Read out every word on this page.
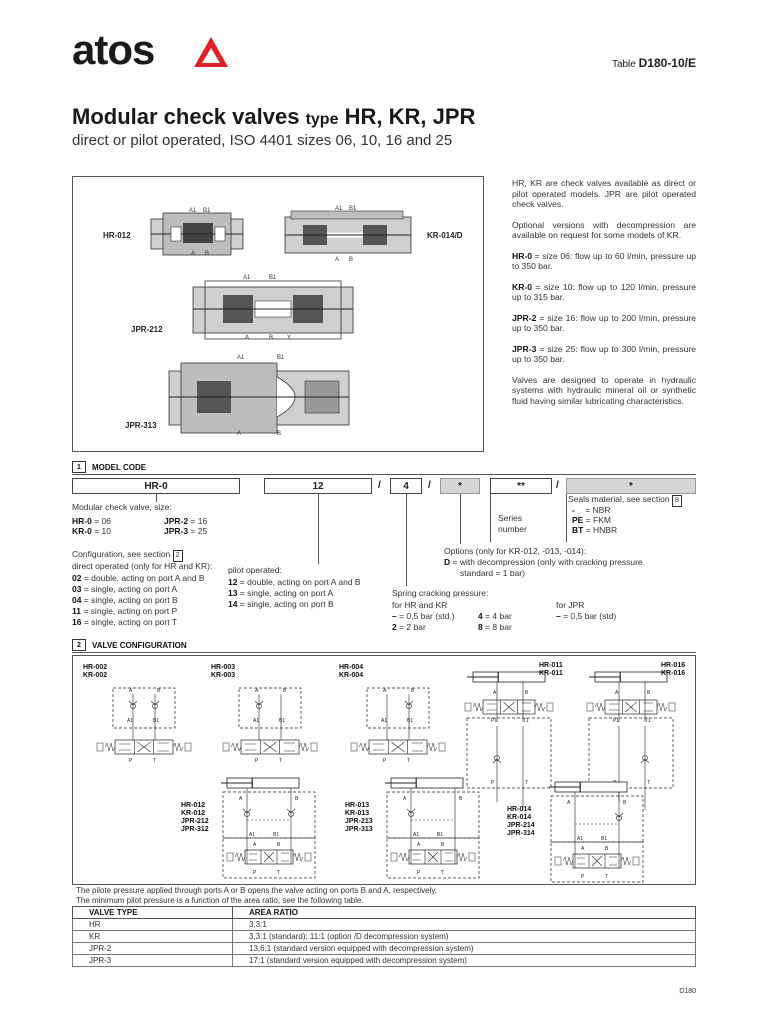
atos	Table D180-10/E
Modular check valves type HR, KR, JPR
direct or pilot operated, ISO 4401 sizes 06, 10, 16 and 25
HR-012	KR-014/D
JPR-212
JPR-313
A1 B1
A B
A1 B1
A B
A1	B1
A	B Y
A1	B1
A	B

HR, KR are check valves available as direct or pilot operated models. JPR are pilot operated check valves.

Optional versions with decompression are available on request for some models of KR.

HR-0 = size 06: flow up to 60 l/min, pressure up to 350 bar.

KR-0 = size 10: flow up to 120 l/min, pressure up to 315 bar.

JPR-2 = size 16: flow up to 200 l/min, pressure up to 350 bar.

JPR-3 = size 25: flow up to 300 l/min, pressure up to 350 bar.

Valves are designed to operate in hydraulic systems with hydraulic mineral oil or synthetic fluid having similar lubricating characteristics.

1	MODEL CODE
HR-0	12	/	4	/	*	**	/	*
Modular check valve, size:
HR-0 = 06	JPR-2 = 16
KR-0 = 10	JPR-3 = 25
Configuration, see section 2
direct operated (only for HR and KR):
02 = double, acting on port A and B
03 = single, acting on port A
04 = single, acting on port B
11 = single, acting on port P
16 = single, acting on port T
pilot operated:
12 = double, acting on port A and B
13 = single, acting on port A
14 = single, acting on port B
Series
number
Seals material, see section 8
- = NBR
PE = FKM
BT = HNBR
Options (only for KR-012, -013, -014):
D = with decompression (only with cracking pressure
standard = 1 bar)
Spring cracking pressure:
for HR and KR	for JPR
– = 0,5 bar (std.)	4 = 4 bar	– = 0,5 bar (std)
2 = 2 bar	8 = 8 bar
2	VALVE CONFIGURATION
A	B
A1	B1
P	T
A	B
A1	B1
P	T
A	B
A1	B1
P	T
A	B
P1	T1
P	T
A	B
P1	T1
T
A	B
A1	B1
A	B
P	T
A	B
A1	B1
A	B
P	T
A	B
A1	B1
A	B
P	T
HR-002
KR-002
HR-003
KR-003
HR-004
KR-004
HR-011
KR-011
HR-016
KR-016
HR-012
KR-012
JPR-212
JPR-312
HR-013
KR-013
JPR-213
JPR-313
HR-014
KR-014
JPR-214
JPR-314
The pilote pressure applied through ports A or B opens the valve acting on ports B and A, respectively.
The minimum pilot pressure is a function of the area ratio, see the following table.
VALVE TYPE	AREA RATIO
HR	3,3:1
KR	3,3:1 (standard); 11:1 (option /D decompression system)
JPR-2	13,6:1 (standard version equipped with decompression system)
JPR-3	17:1 (standard version equipped with decompression system)
D180
